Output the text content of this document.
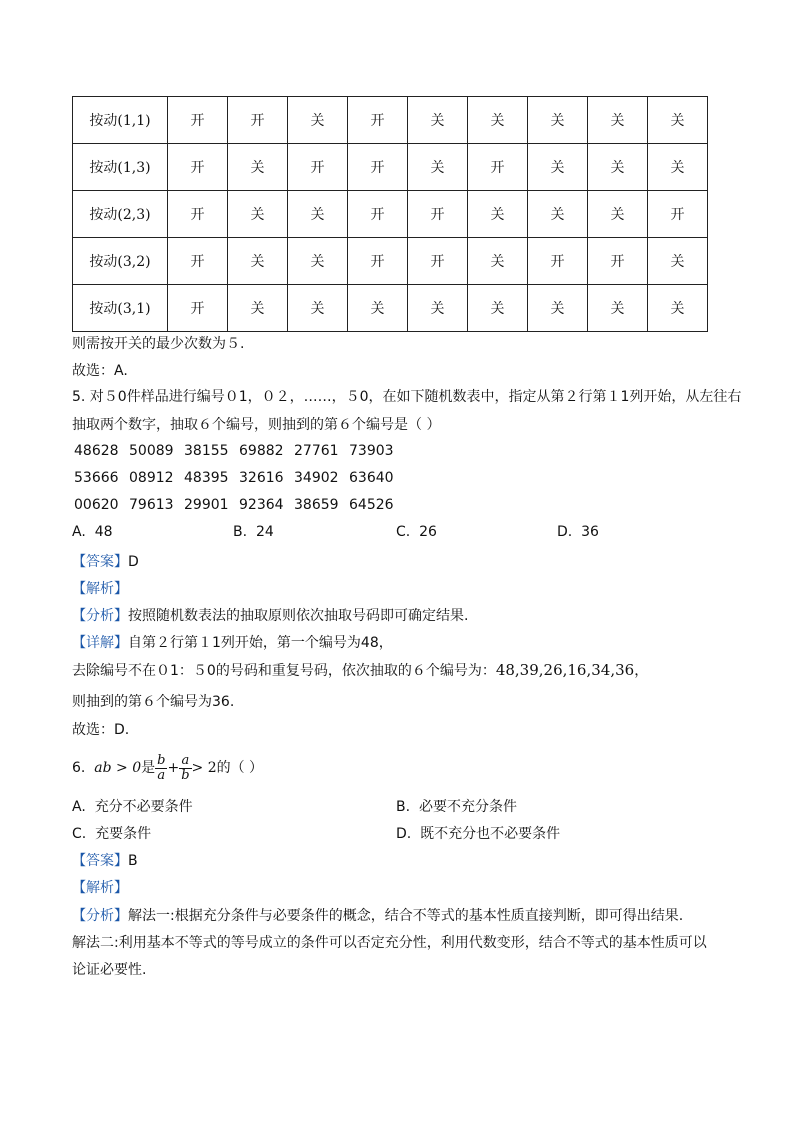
按动(1,1)	开	开	关	开	关	关	关	关	关
按动(1,3)	开	关	开	开	关	开	关	关	关
按动(2,3)	开	关	关	开	开	关	关	关	开
按动(3,2)	开	关	关	开	开	关	开	开	关
按动(3,1)	开	关	关	关	关	关	关	关	关
则需按开关的最少次数为５.
故选：A.
5. 对５0件样品进行编号０1，０２，……，５0，在如下随机数表中，指定从第２行第１1列开始，从左往右
抽取两个数字，抽取６个编号，则抽到的第６个编号是（ ）
48628 50089 38155 69882 27761 73903
53666 08912 48395 32616 34902 63640
00620 79613 29901 92364 38659 64526
A. 48	B. 24	C. 26	D. 36
【答案】D
【解析】
【分析】按照随机数表法的抽取原则依次抽取号码即可确定结果.
【详解】自第２行第１1列开始，第一个编号为48，
去除编号不在０1：５0的号码和重复号码，依次抽取的６个编号为：48,39,26,16,34,36，
则抽到的第６个编号为36.
故选：D.
6. ab > 0是 $\frac{b}{a} + \frac{a}{b} > 2$的（ ）
A. 充分不必要条件	B. 必要不充分条件
C. 充要条件	D. 既不充分也不必要条件
【答案】B
【解析】
【分析】解法一:根据充分条件与必要条件的概念，结合不等式的基本性质直接判断，即可得出结果.
解法二:利用基本不等式的等号成立的条件可以否定充分性，利用代数变形，结合不等式的基本性质可以
论证必要性.
